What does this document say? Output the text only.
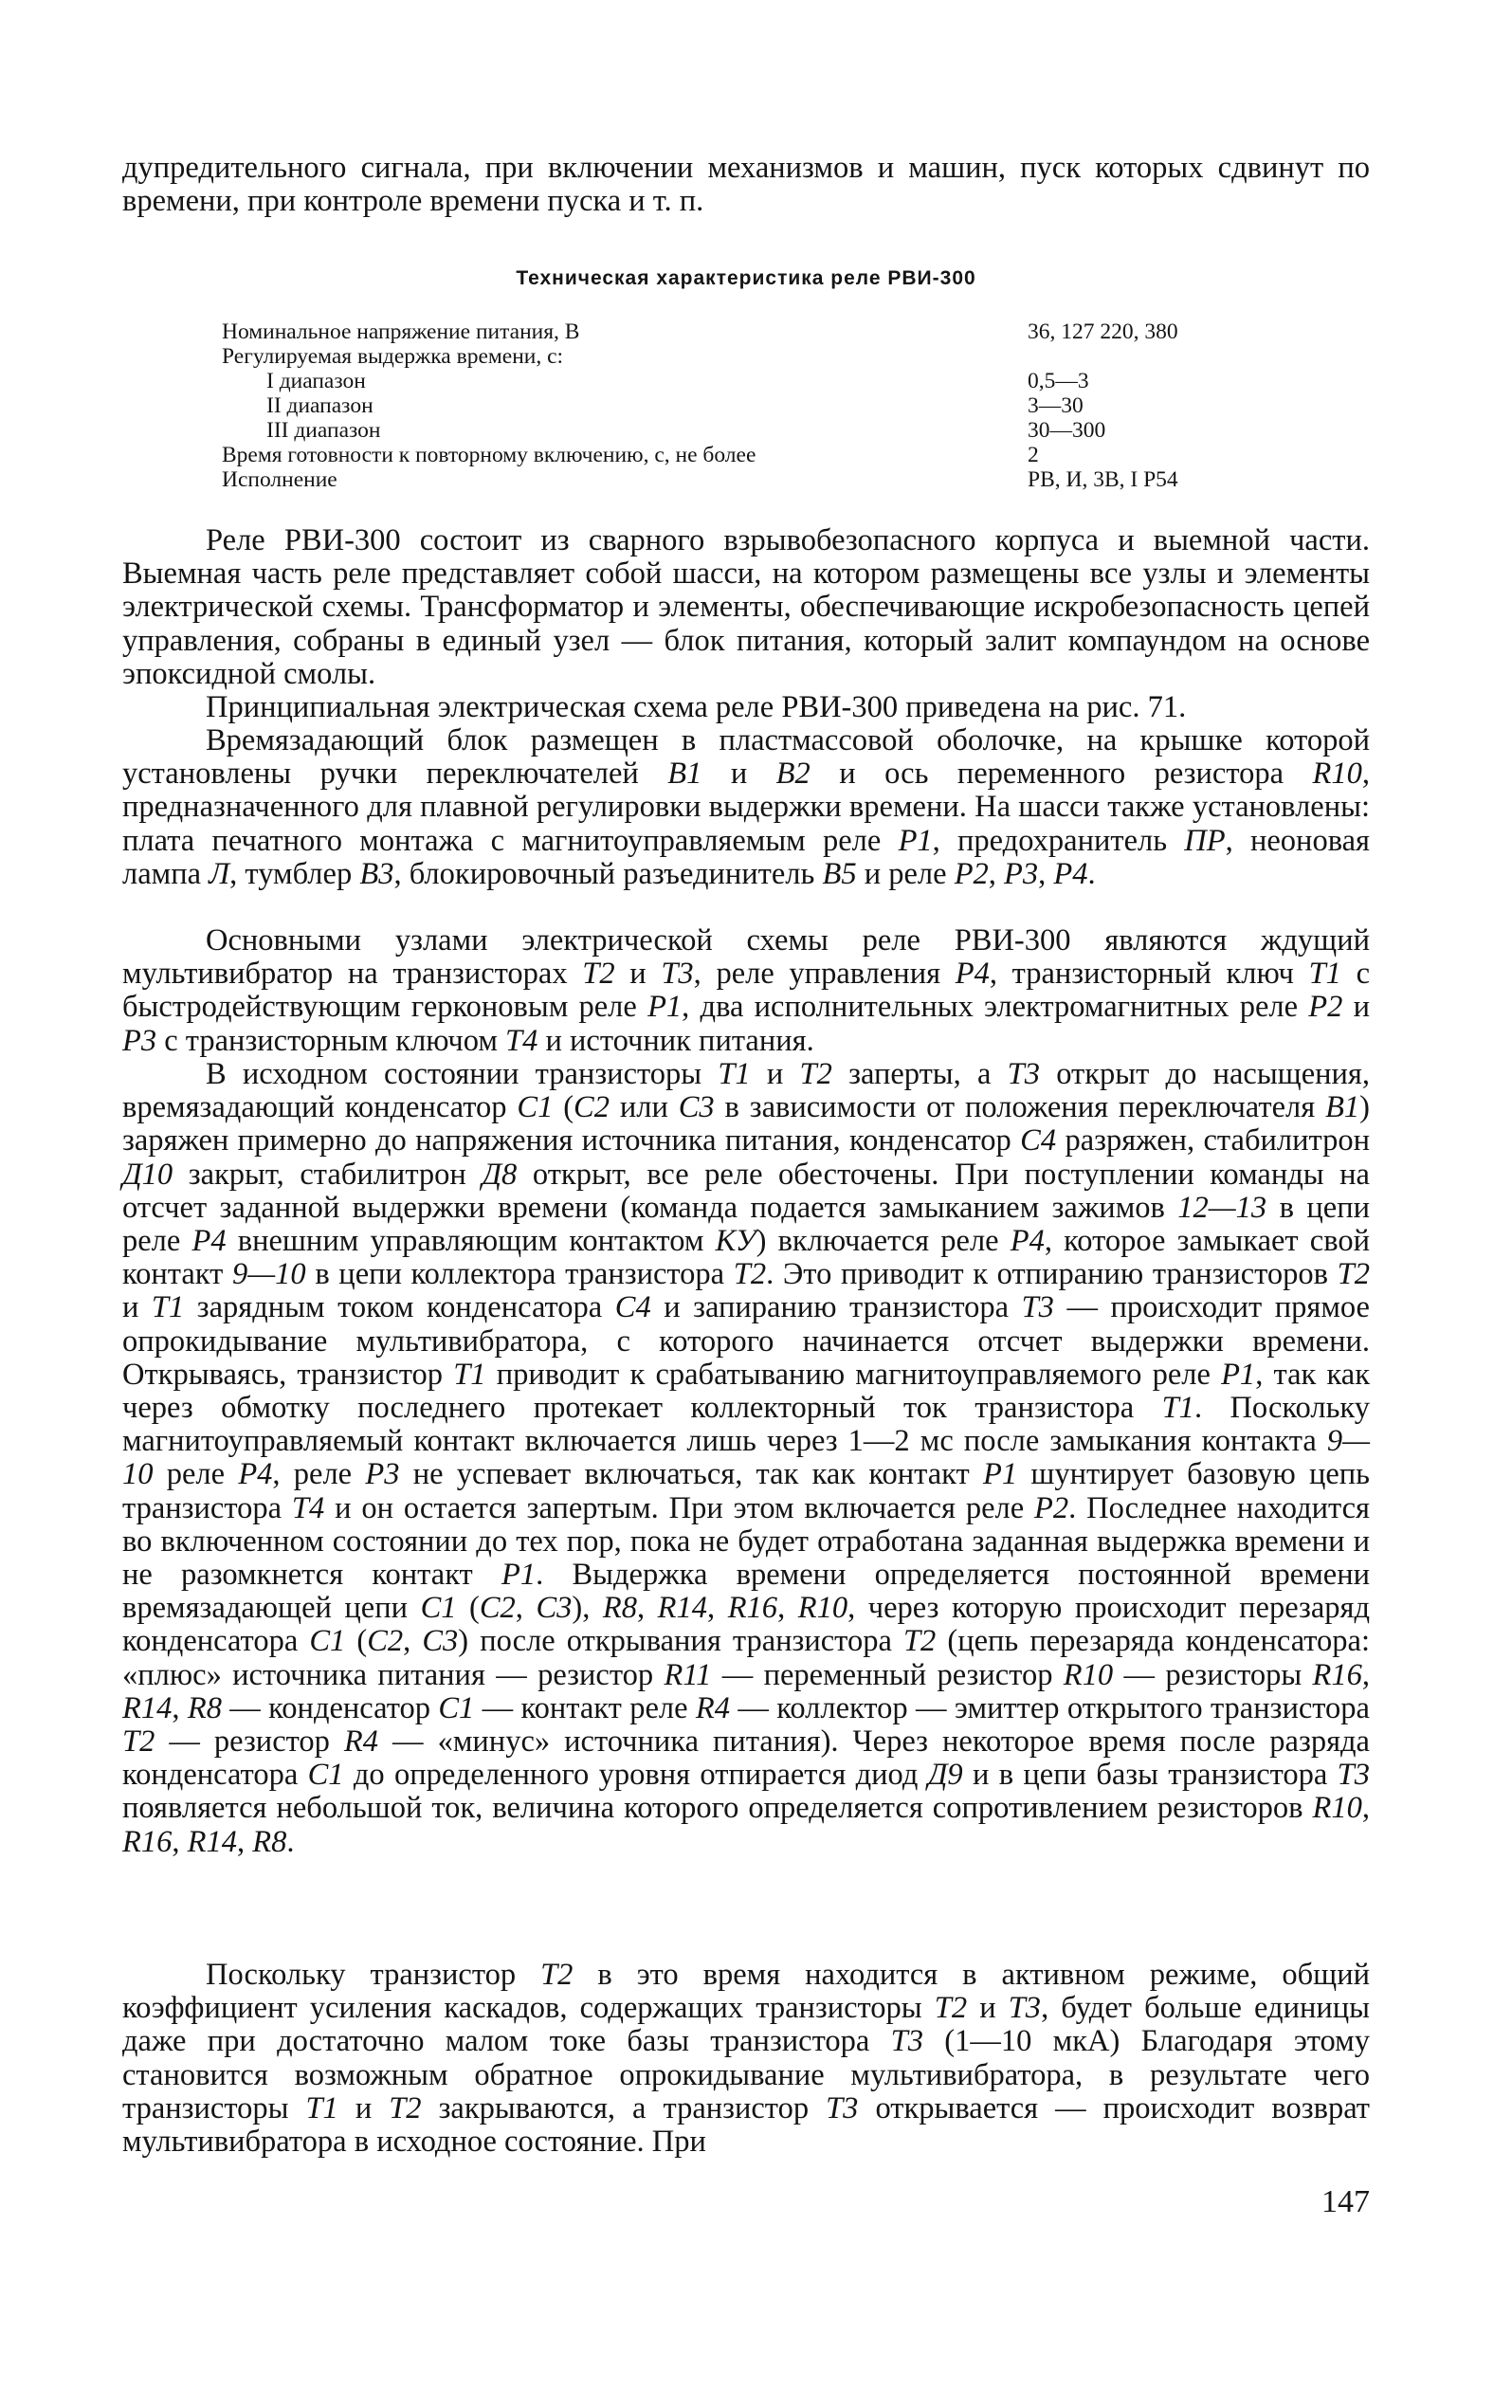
дупредительного сигнала, при включении механизмов и машин, пуск которых сдвинут по времени, при контроле времени пуска и т. п.

Техническая характеристика реле РВИ-300
Номинальное напряжение питания, В	36, 127 220, 380
Регулируемая выдержка времени, с:
I диапазон	0,5—3
II диапазон	3—30
III диапазон	30—300
Время готовности к повторному включению, с, не более	2
Исполнение	РВ, И, 3В, I P54

Реле РВИ-300 состоит из сварного взрывобезопасного корпуса и выемной части. Выемная часть реле представляет собой шасси, на котором размещены все узлы и элементы электрической схемы. Трансформатор и элементы, обеспечивающие искробезопасность цепей управления, собраны в единый узел — блок питания, который залит компаундом на основе эпоксидной смолы.

Принципиальная электрическая схема реле РВИ-300 приведена на рис. 71.

Времязадающий блок размещен в пластмассовой оболочке, на крышке которой установлены ручки переключателей B1 и B2 и ось переменного резистора R10, предназначенного для плавной регулировки выдержки времени. На шасси также установлены: плата печатного монтажа с магнитоуправляемым реле P1, предохранитель ПР, неоновая лампа Л, тумблер B3, блокировочный разъединитель B5 и реле P2, P3, P4.

Основными узлами электрической схемы реле РВИ-300 являются ждущий мультивибратор на транзисторах T2 и T3, реле управления P4, транзисторный ключ T1 с быстродействующим герконовым реле P1, два исполнительных электромагнитных реле P2 и P3 с транзисторным ключом T4 и источник питания.

В исходном состоянии транзисторы T1 и T2 заперты, а T3 открыт до насыщения, времязадающий конденсатор C1 (C2 или C3 в зависимости от положения переключателя B1) заряжен примерно до напряжения источника питания, конденсатор C4 разряжен, стабилитрон Д10 закрыт, стабилитрон Д8 открыт, все реле обесточены. При поступлении команды на отсчет заданной выдержки времени (команда подается замыканием зажимов 12—13 в цепи реле P4 внешним управляющим контактом КУ) включается реле P4, которое замыкает свой контакт 9—10 в цепи коллектора транзистора T2. Это приводит к отпиранию транзисторов T2 и T1 зарядным током конденсатора C4 и запиранию транзистора T3 — происходит прямое опрокидывание мультивибратора, с которого начинается отсчет выдержки времени. Открываясь, транзистор T1 приводит к срабатыванию магнитоуправляемого реле P1, так как через обмотку последнего протекает коллекторный ток транзистора T1. Поскольку магнитоуправляемый контакт включается лишь через 1—2 мс после замыкания контакта 9—10 реле P4, реле P3 не успевает включаться, так как контакт P1 шунтирует базовую цепь транзистора T4 и он остается запертым. При этом включается реле P2. Последнее находится во включенном состоянии до тех пор, пока не будет отработана заданная выдержка времени и не разомкнется контакт P1. Выдержка времени определяется постоянной времени времязадающей цепи C1 (C2, C3), R8, R14, R16, R10, через которую происходит перезаряд конденсатора C1 (C2, C3) после открывания транзистора T2 (цепь перезаряда конденсатора: «плюс» источника питания — резистор R11 — переменный резистор R10 — резисторы R16, R14, R8 — конденсатор C1 — контакт реле R4 — коллектор — эмиттер открытого транзистора T2 — резистор R4 — «минус» источника питания). Через некоторое время после разряда конденсатора C1 до определенного уровня отпирается диод Д9 и в цепи базы транзистора T3 появляется небольшой ток, величина которого определяется сопротивлением резисторов R10, R16, R14, R8.

Поскольку транзистор T2 в это время находится в активном режиме, общий коэффициент усиления каскадов, содержащих транзисторы T2 и T3, будет больше единицы даже при достаточно малом токе базы транзистора T3 (1—10 мкА) Благодаря этому становится возможным обратное опрокидывание мультивибратора, в результате чего транзисторы T1 и T2 закрываются, а транзистор T3 открывается — происходит возврат мультивибратора в исходное состояние. При

147
